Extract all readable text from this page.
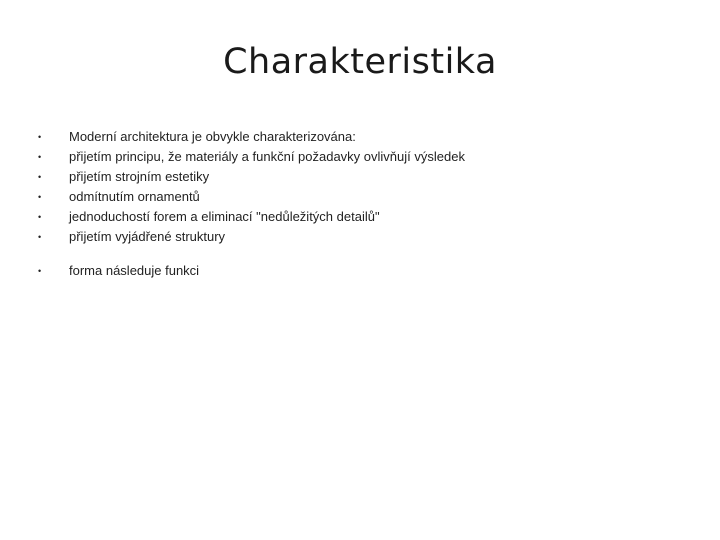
Charakteristika
•	Moderní architektura je obvykle charakterizována:
•	přijetím principu, že materiály a funkční požadavky ovlivňují výsledek
•	přijetím strojním estetiky
•	odmítnutím ornamentů
•	jednoduchostí forem a eliminací "nedůležitých detailů"
•	přijetím vyjádřené struktury
•	forma následuje funkci
